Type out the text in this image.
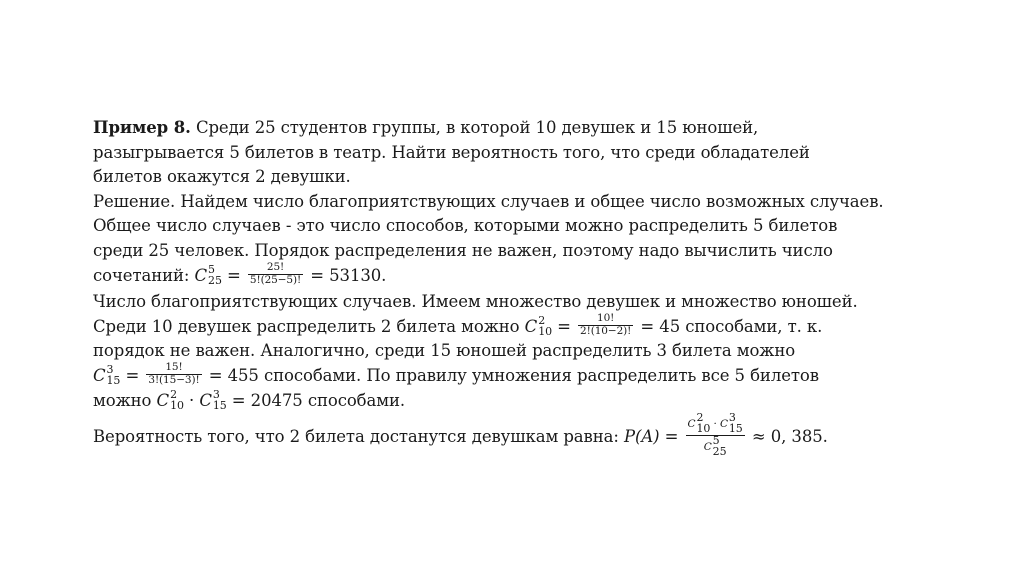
Пример 8. Среди 25 студентов группы, в которой 10 девушек и 15 юношей,
разыгрывается 5 билетов в театр. Найти вероятность того, что среди обладателей
билетов окажутся 2 девушки.
Решение. Найдем число благоприятствующих случаев и общее число возможных случаев.
Общее число случаев - это число способов, которыми можно распределить 5 билетов
среди 25 человек. Порядок распределения не важен, поэтому надо вычислить число
сочетаний: C 5
$25 = \frac{25!}{5!(25-5)!} = 53130$.
Число благоприятствующих случаев. Имеем множество девушек и множество юношей.
Среди 10 девушек распределить 2 билета можно C 2
$10 = \frac{10!}{2!(10-2)!} = 45$ способами, т. к.
порядок не важен. Аналогично, среди 15 юношей распределить 3 билета можно
C 3
$15 = \frac{15!}{3!(15-3)!} = 455$ способами. По правилу умножения распределить все 5 билетов
можно C 2
10 · C 3
15 = 20475 способами.
Вероятность того, что 2 билета достанутся девушкам равна: P(A) = C 2
10 · C 3
15
C 5
25 ≈ 0, 385.
